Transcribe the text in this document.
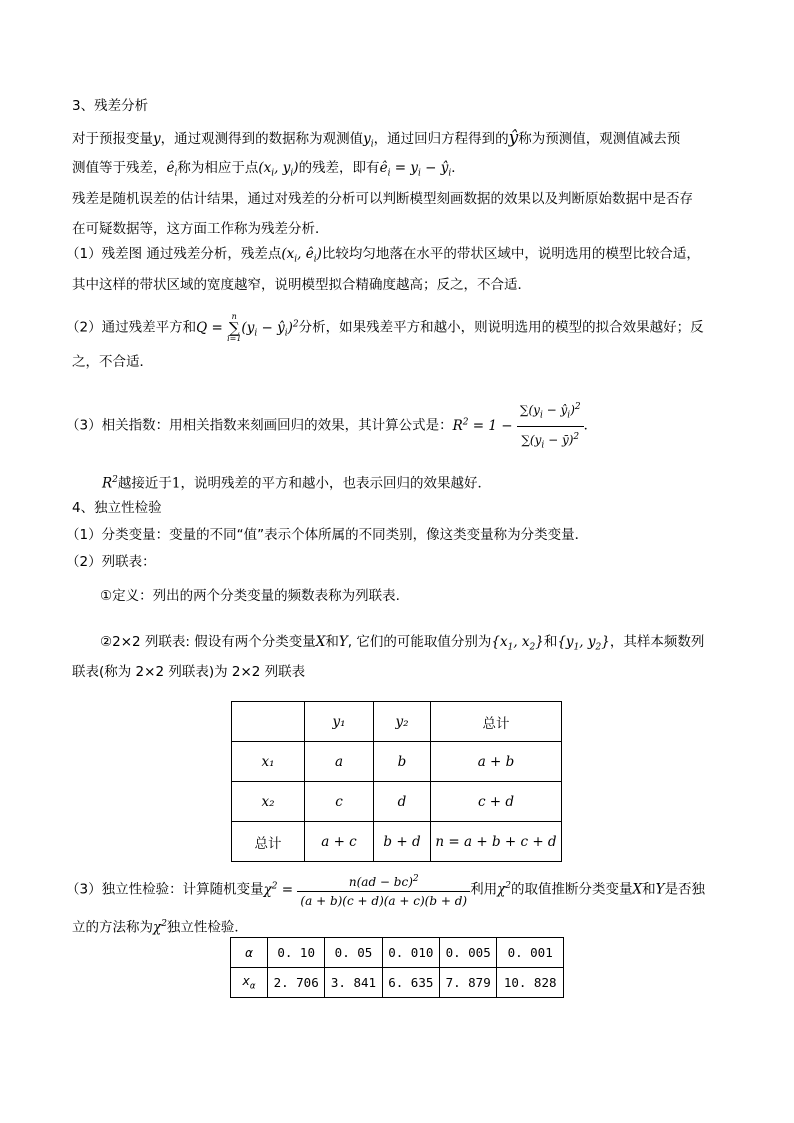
3、残差分析
对于预报变量y，通过观测得到的数据称为观测值$y_i$，通过回归方程得到的ŷ称为预测值，观测值减去预
测值等于残差，$ê_i$称为相应于点($x_i$, $y_i$)的残差，即有$ê_i = y_i$ − $ŷ_i$．
残差是随机误差的估计结果，通过对残差的分析可以判断模型刻画数据的效果以及判断原始数据中是否存
在可疑数据等，这方面工作称为残差分析．
（1）残差图 通过残差分析，残差点($x_i$, $ê_i$)比较均匀地落在水平的带状区域中，说明选用的模型比较合适，
其中这样的带状区域的宽度越窄，说明模型拟合精确度越高；反之，不合适．
（2）通过残差平方和Q = n
∑
$i=1(y_i$ − $ŷ_i)^2$分析，如果残差平方和越小，则说明选用的模型的拟合效果越好；反
之，不合适．
（3）相关指数：用相关指数来刻画回归的效果，其计算公式是：$R^2 = 1 - \frac{\sum(y_i - ŷ_i)^2}{\sum(y_i - ȳ)^2}$ ．
$R^2$越接近于1，说明残差的平方和越小，也表示回归的效果越好．
4、独立性检验
（1）分类变量：变量的不同“值”表示个体所属的不同类别，像这类变量称为分类变量．
（2）列联表：
①定义：列出的两个分类变量的频数表称为列联表.
②2×2 列联表: 假设有两个分类变量X和Y, 它们的可能取值分别为{$x_1$, $x_2$}和{$y_1$, $y_2$}，其样本频数列
联表(称为 2×2 列联表)为 2×2 列联表
	y₁	y₂	总计
x₁	a	b	a + b
x₂	c	d	c + d
总计	a + c	b + d	n = a + b + c + d
（3）独立性检验：计算随机变量$\chi^2 = \frac{n(ad - bc)^2}{(a + b)(c + d)(a + c)(b + d)}$ 利用$\chi^2$的取值推断分类变量X和Y是否独
立的方法称为$\chi^2$独立性检验．
α	0. 10	0. 05	0. 010	0. 005	0. 001
$x_\alpha$	2. 706	3. 841	6. 635	7. 879	10. 828
